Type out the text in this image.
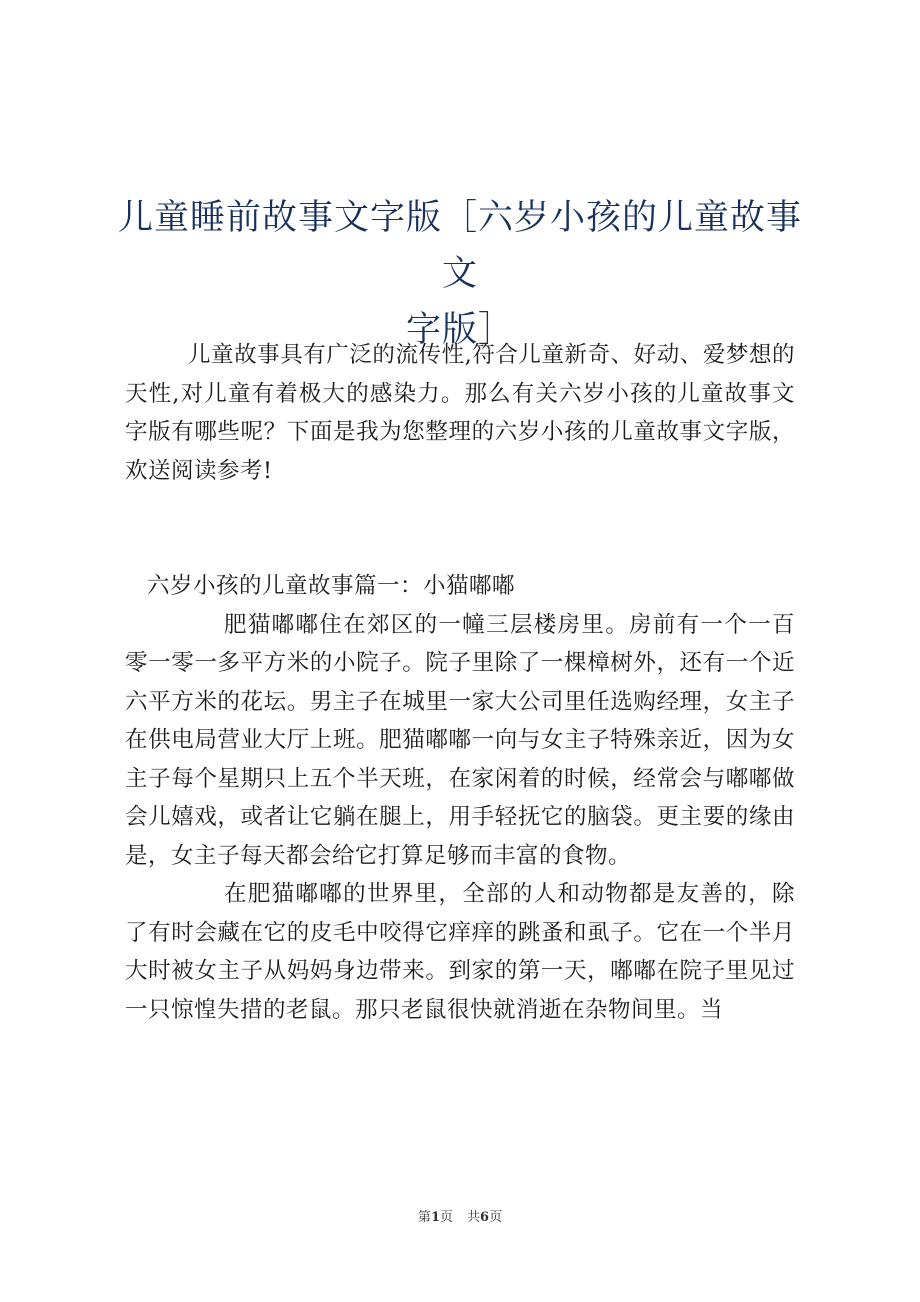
儿童睡前故事文字版［六岁小孩的儿童故事文
字版］

儿童故事具有广泛的流传性,符合儿童新奇、好动、爱梦想的天性,对儿童有着极大的感染力。那么有关六岁小孩的儿童故事文字版有哪些呢？下面是我为您整理的六岁小孩的儿童故事文字版，欢送阅读参考!

六岁小孩的儿童故事篇一：小猫嘟嘟

肥猫嘟嘟住在郊区的一幢三层楼房里。房前有一个一百零一零一多平方米的小院子。院子里除了一棵樟树外，还有一个近六平方米的花坛。男主子在城里一家大公司里任选购经理，女主子在供电局营业大厅上班。肥猫嘟嘟一向与女主子特殊亲近，因为女主子每个星期只上五个半天班，在家闲着的时候，经常会与嘟嘟做会儿嬉戏，或者让它躺在腿上，用手轻抚它的脑袋。更主要的缘由是，女主子每天都会给它打算足够而丰富的食物。

在肥猫嘟嘟的世界里，全部的人和动物都是友善的，除了有时会藏在它的皮毛中咬得它痒痒的跳蚤和虱子。它在一个半月大时被女主子从妈妈身边带来。到家的第一天，嘟嘟在院子里见过一只惊惶失措的老鼠。那只老鼠很快就消逝在杂物间里。当

第1页 共6页
